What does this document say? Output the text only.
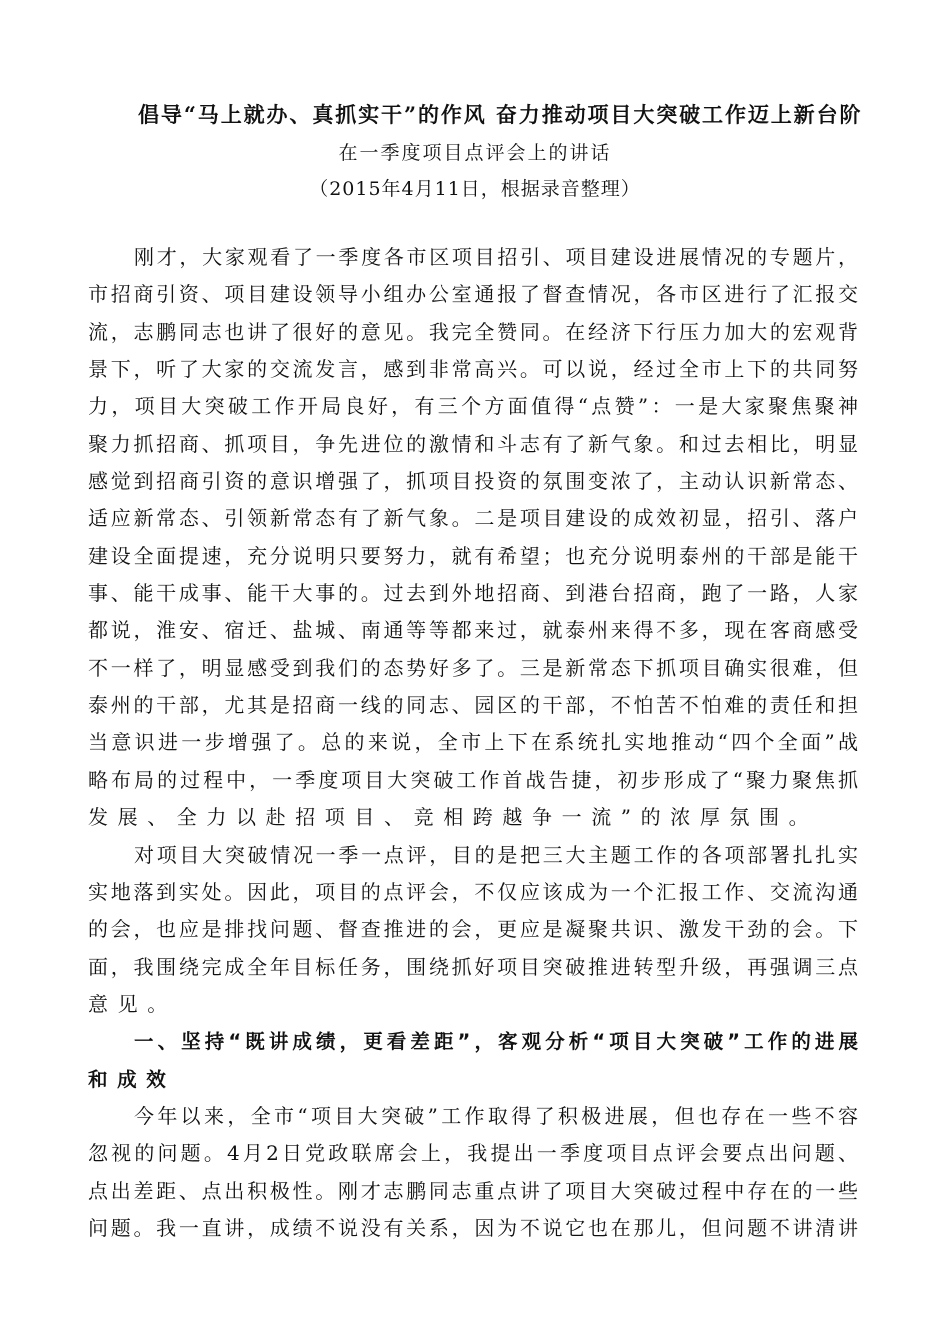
倡导“马上就办、真抓实干”的作风 奋力推动项目大突破工作迈上新台阶
在一季度项目点评会上的讲话
（2015年4月11日，根据录音整理）
刚才，大家观看了一季度各市区项目招引、项目建设进展情况的专题片，
市招商引资、项目建设领导小组办公室通报了督查情况，各市区进行了汇报交
流，志鹏同志也讲了很好的意见。我完全赞同。在经济下行压力加大的宏观背
景下，听了大家的交流发言，感到非常高兴。可以说，经过全市上下的共同努
力，项目大突破工作开局良好，有三个方面值得“点赞”：一是大家聚焦聚神
聚力抓招商、抓项目，争先进位的激情和斗志有了新气象。和过去相比，明显
感觉到招商引资的意识增强了，抓项目投资的氛围变浓了，主动认识新常态、
适应新常态、引领新常态有了新气象。二是项目建设的成效初显，招引、落户
建设全面提速，充分说明只要努力，就有希望；也充分说明泰州的干部是能干
事、能干成事、能干大事的。过去到外地招商、到港台招商，跑了一路，人家
都说，淮安、宿迁、盐城、南通等等都来过，就泰州来得不多，现在客商感受
不一样了，明显感受到我们的态势好多了。三是新常态下抓项目确实很难，但
泰州的干部，尤其是招商一线的同志、园区的干部，不怕苦不怕难的责任和担
当意识进一步增强了。总的来说，全市上下在系统扎实地推动“四个全面”战
略布局的过程中，一季度项目大突破工作首战告捷，初步形成了“聚力聚焦抓
发展、全力以赴招项目、竞相跨越争一流”的浓厚氛围。
对项目大突破情况一季一点评，目的是把三大主题工作的各项部署扎扎实
实地落到实处。因此，项目的点评会，不仅应该成为一个汇报工作、交流沟通
的会，也应是排找问题、督查推进的会，更应是凝聚共识、激发干劲的会。下
面，我围绕完成全年目标任务，围绕抓好项目突破推进转型升级，再强调三点
意见。
一、坚持“既讲成绩，更看差距”，客观分析“项目大突破”工作的进展
和成效
今年以来，全市“项目大突破”工作取得了积极进展，但也存在一些不容
忽视的问题。4月2日党政联席会上，我提出一季度项目点评会要点出问题、
点出差距、点出积极性。刚才志鹏同志重点讲了项目大突破过程中存在的一些
问题。我一直讲，成绩不说没有关系，因为不说它也在那儿，但问题不讲清讲
